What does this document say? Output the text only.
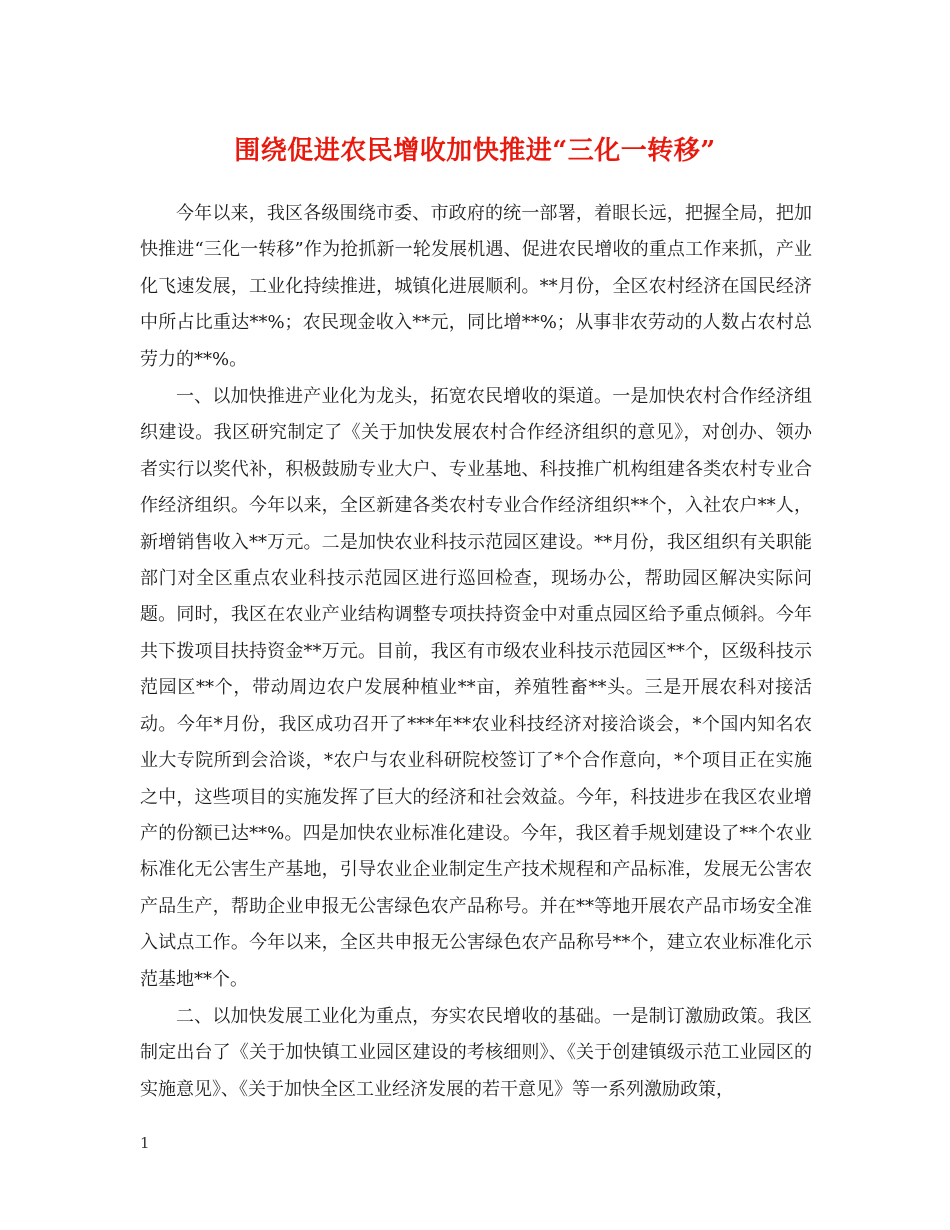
围绕促进农民增收加快推进“三化一转移”

今年以来，我区各级围绕市委、市政府的统一部署，着眼长远，把握全局，把加快推进“三化一转移”作为抢抓新一轮发展机遇、促进农民增收的重点工作来抓，产业化飞速发展，工业化持续推进，城镇化进展顺利。**月份，全区农村经济在国民经济中所占比重达**%；农民现金收入**元，同比增**%；从事非农劳动的人数占农村总劳力的**%。

一、以加快推进产业化为龙头，拓宽农民增收的渠道。一是加快农村合作经济组织建设。我区研究制定了《关于加快发展农村合作经济组织的意见》，对创办、领办者实行以奖代补，积极鼓励专业大户、专业基地、科技推广机构组建各类农村专业合作经济组织。今年以来，全区新建各类农村专业合作经济组织**个，入社农户**人，新增销售收入**万元。二是加快农业科技示范园区建设。**月份，我区组织有关职能部门对全区重点农业科技示范园区进行巡回检查，现场办公，帮助园区解决实际问题。同时，我区在农业产业结构调整专项扶持资金中对重点园区给予重点倾斜。今年共下拨项目扶持资金**万元。目前，我区有市级农业科技示范园区**个，区级科技示范园区**个，带动周边农户发展种植业**亩，养殖牲畜**头。三是开展农科对接活动。今年*月份，我区成功召开了***年**农业科技经济对接洽谈会，*个国内知名农业大专院所到会洽谈，*农户与农业科研院校签订了*个合作意向，*个项目正在实施之中，这些项目的实施发挥了巨大的经济和社会效益。今年，科技进步在我区农业增产的份额已达**%。四是加快农业标准化建设。今年，我区着手规划建设了**个农业标准化无公害生产基地，引导农业企业制定生产技术规程和产品标准，发展无公害农产品生产，帮助企业申报无公害绿色农产品称号。并在**等地开展农产品市场安全准入试点工作。今年以来，全区共申报无公害绿色农产品称号**个，建立农业标准化示范基地**个。

二、以加快发展工业化为重点，夯实农民增收的基础。一是制订激励政策。我区制定出台了《关于加快镇工业园区建设的考核细则》、《关于创建镇级示范工业园区的实施意见》、《关于加快全区工业经济发展的若干意见》等一系列激励政策，

1
